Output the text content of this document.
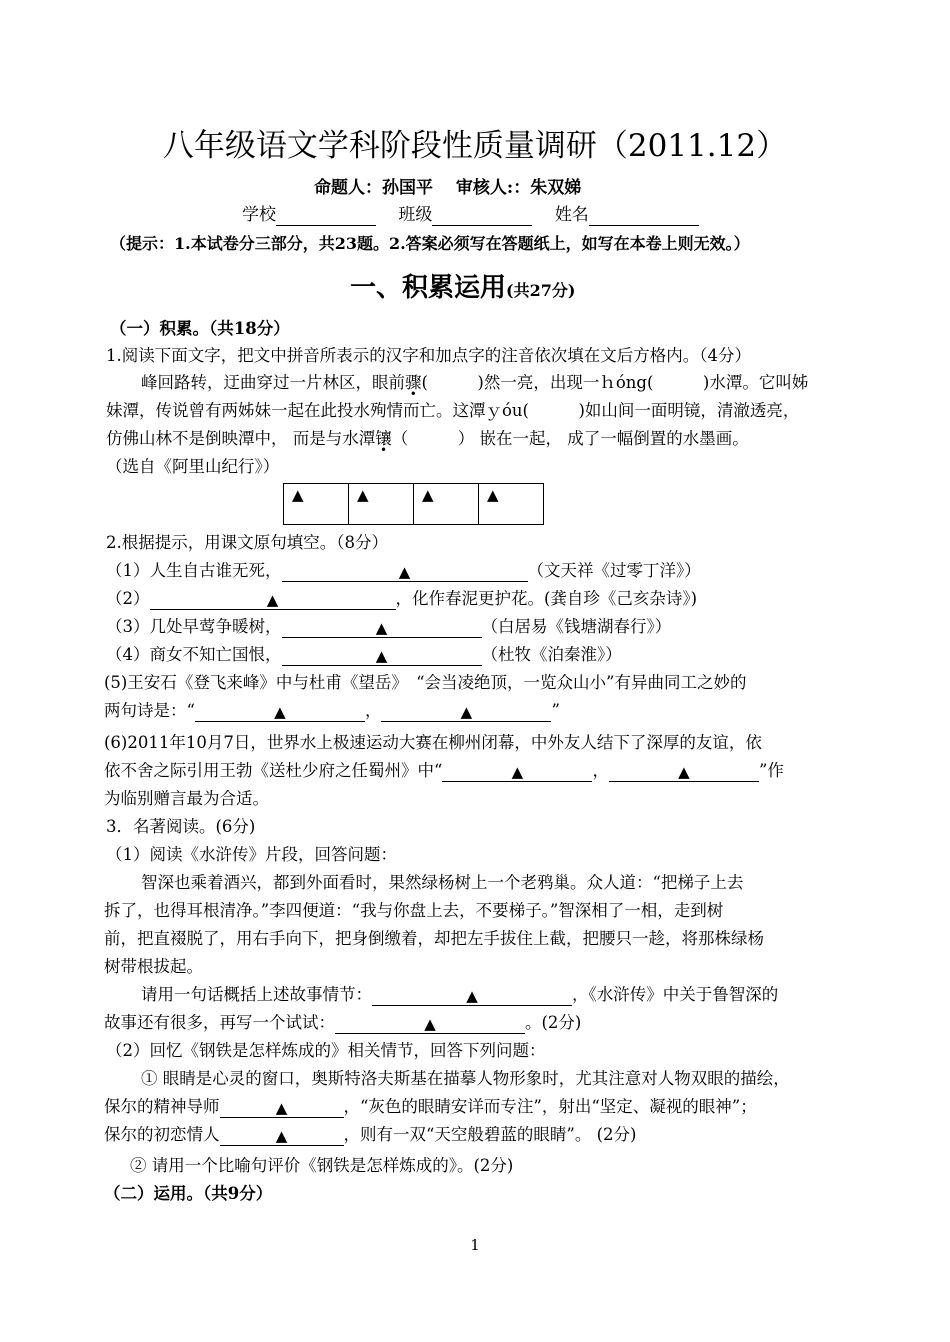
八年级语文学科阶段性质量调研（2011.12）
命题人：孙国平　 审核人:：朱双娣
学校　	班级　	姓名
（提示：1.本试卷分三部分，共23题。2.答案必须写在答题纸上，如写在本卷上则无效。）
一、积累运用(共27分)
（一）积累。（共18分）
1.阅读下面文字，把文中拼音所表示的汉字和加点字的注音依次填在文后方格内。（4分）
峰回路转，迂曲穿过一片林区，眼前骤(　　　)然一亮，出现一ｈóng(　　　)水潭。它叫姊
妹潭，传说曾有两姊妹一起在此投水殉情而亡。这潭ｙóu(　　　)如山间一面明镜，清澈透亮，
仿佛山林不是倒映潭中， 而是与水潭镶（　　　） 嵌在一起， 成了一幅倒置的水墨画。
（选自《阿里山纪行》）
▲	▲	▲	▲
2.根据提示，用课文原句填空。（8分）
（1）人生自古谁无死，	▲	（文天祥《过零丁洋》）
（2）	▲	，化作春泥更护花。(龚自珍《己亥杂诗》)
（3）几处早莺争暖树，	▲	（白居易《钱塘湖春行》）
（4）商女不知亡国恨，	▲	（杜牧《泊秦淮》）
(5)王安石《登飞来峰》中与杜甫《望岳》　“会当凌绝顶，一览众山小”有异曲同工之妙的
两句诗是：“	▲	，	▲	”
(6)2011年10月7日，世界水上极速运动大赛在柳州闭幕，中外友人结下了深厚的友谊，依
依不舍之际引用王勃《送杜少府之任蜀州》中“	▲	，	▲	”作
为临别赠言最为合适。
3．名著阅读。(6分)
（1）阅读《水浒传》片段，回答问题：
智深也乘着酒兴，都到外面看时，果然绿杨树上一个老鸦巢。众人道：“把梯子上去
拆了，也得耳根清净。”李四便道：“我与你盘上去，不要梯子。”智深相了一相，走到树
前，把直裰脱了，用右手向下，把身倒缴着，却把左手拔住上截，把腰只一趁，将那株绿杨
树带根拔起。
请用一句话概括上述故事情节：	▲	，《水浒传》中关于鲁智深的
故事还有很多，再写一个试试：	▲	。(2分)
（2）回忆《钢铁是怎样炼成的》相关情节，回答下列问题：
① 眼睛是心灵的窗口，奥斯特洛夫斯基在描摹人物形象时，尤其注意对人物双眼的描绘，
保尔的精神导师	▲	，“灰色的眼睛安详而专注”，射出“坚定、凝视的眼神”；
保尔的初恋情人	▲	，则有一双“天空般碧蓝的眼睛”。 (2分)
② 请用一个比喻句评价《钢铁是怎样炼成的》。(2分)
（二）运用。（共9分）
1
